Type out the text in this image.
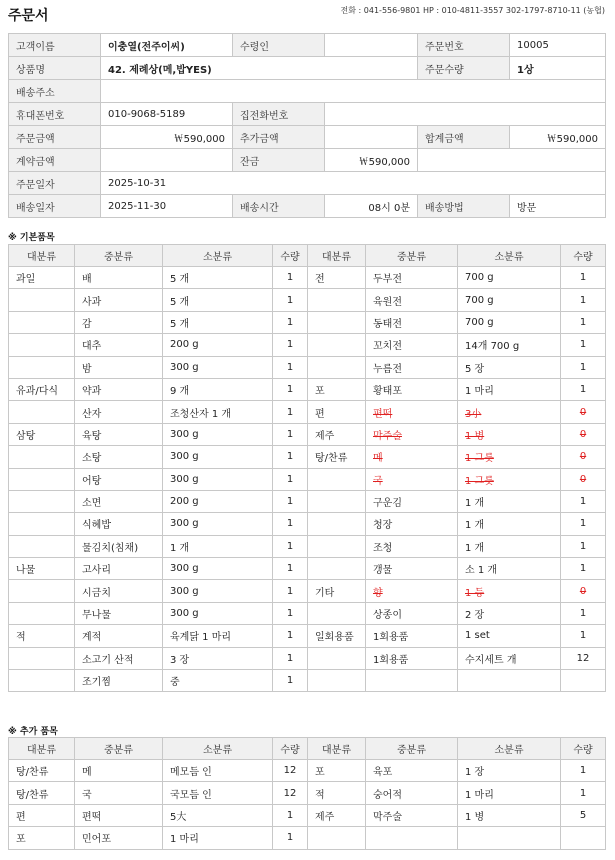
주문서	전화 : 041-556-9801 HP : 010-4811-3557 302-1797-8710-11 (농협)
고객이름	이충열(전주이씨)	수령인		주문번호	10005
상품명	42. 제례상(메,밥YES)			주문수량	1상
배송주소					
휴대폰번호	010-9068-5189	집전화번호			
주문금액	￦590,000	추가금액		합계금액	￦590,000
계약금액		잔금	￦590,000		
주문일자	2025-10-31				
배송일자	2025-11-30	배송시간	08시 0분	배송방법	방문
※ 기본품목
대분류	중분류	소분류	수량	대분류	중분류	소분류	수량
과일	배	5 개	1	전	두부전	700 g	1
	사과	5 개	1		육원전	700 g	1
	감	5 개	1		동태전	700 g	1
	대추	200 g	1		꼬치전	14개 700 g	1
	밤	300 g	1		누름전	5 장	1
유과/다식	약과	9 개	1	포	황태포	1 마리	1
	산자	조청산자 1 개	1	편	편떡	3小	0
삼탕	육탕	300 g	1	제주	막주술	1 병	0
	소탕	300 g	1	탕/찬류	메	1 그릇	0
	어탕	300 g	1		국	1 그릇	0
	소면	200 g	1		구운김	1 개	1
	식혜밥	300 g	1		청장	1 개	1
	물김치(침채)	1 개	1		조청	1 개	1
나물	고사리	300 g	1		갱물	소 1 개	1
	시금치	300 g	1	기타	향	1 등	0
	무나물	300 g	1		상종이	2 장	1
적	계적	육계닭 1 마리	1	일회용품	1회용품	1 set	1
	소고기 산적	3 장	1		1회용품	수지세트 개	12
	조기찜	중	1				
※ 추가 품목
대분류	중분류	소분류	수량	대분류	중분류	소분류	수량
탕/찬류	메	메모듬 인	12	포	육포	1 장	1
탕/찬류	국	국모듬 인	12	적	숭어적	1 마리	1
편	편떡	5大	1	제주	막주술	1 병	5
포	민어포	1 마리	1				
